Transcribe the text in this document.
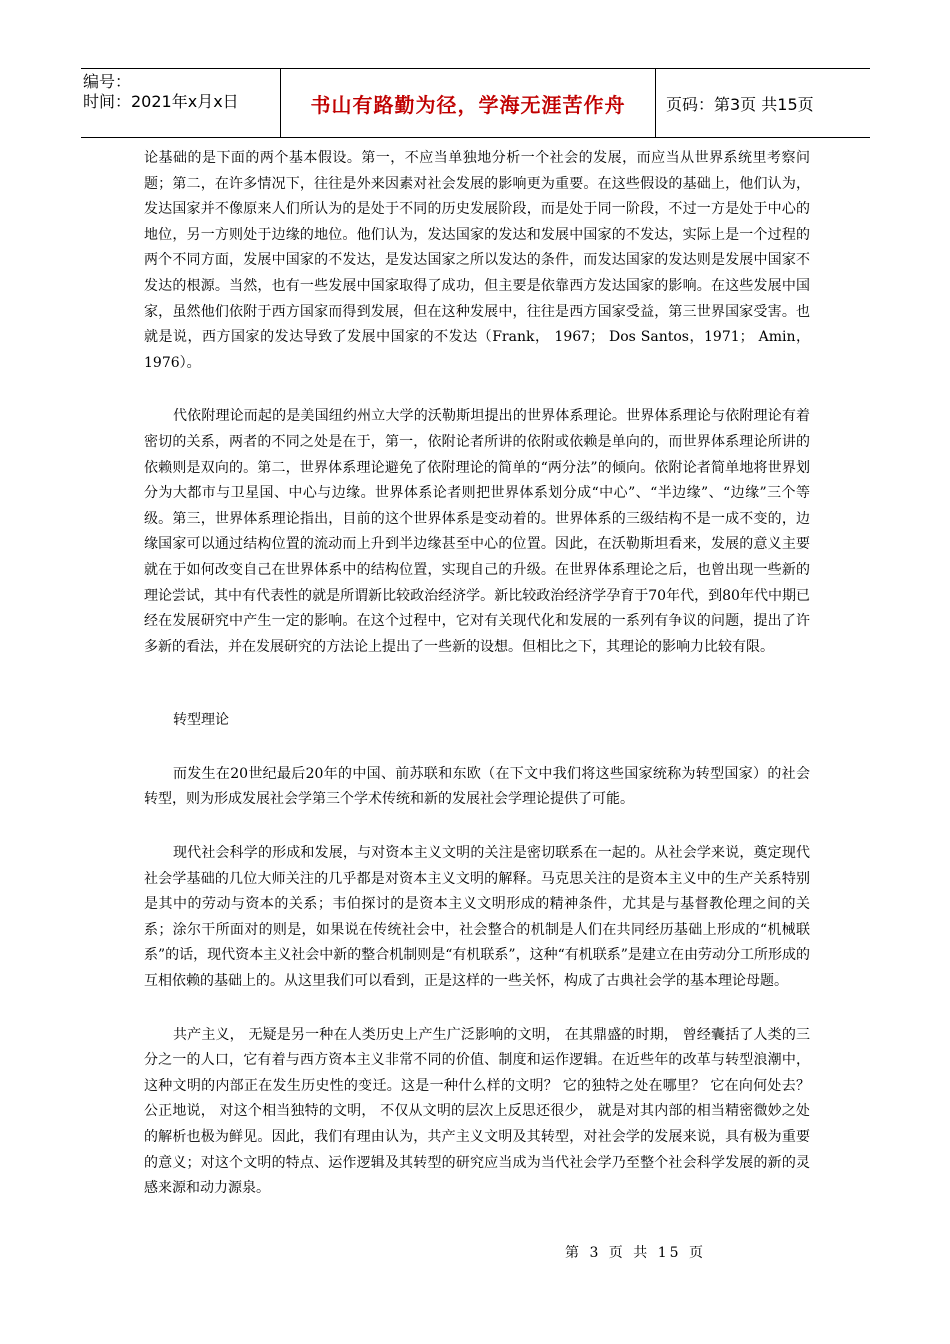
编号：
时间：2021年x月x日	书山有路勤为径，学海无涯苦作舟	页码：第3页 共15页

论基础的是下面的两个基本假设。第一，不应当单独地分析一个社会的发展，而应当从世界系统里考察问题；第二，在许多情况下，往往是外来因素对社会发展的影响更为重要。在这些假设的基础上，他们认为，发达国家并不像原来人们所认为的是处于不同的历史发展阶段，而是处于同一阶段，不过一方是处于中心的地位，另一方则处于边缘的地位。他们认为，发达国家的发达和发展中国家的不发达，实际上是一个过程的两个不同方面，发展中国家的不发达，是发达国家之所以发达的条件，而发达国家的发达则是发展中国家不发达的根源。当然，也有一些发展中国家取得了成功，但主要是依靠西方发达国家的影响。在这些发展中国家，虽然他们依附于西方国家而得到发展，但在这种发展中，往往是西方国家受益，第三世界国家受害。也就是说，西方国家的发达导致了发展中国家的不发达（Frank， 1967； Dos Santos，1971； Amin， 1976）。

代依附理论而起的是美国纽约州立大学的沃勒斯坦提出的世界体系理论。世界体系理论与依附理论有着密切的关系，两者的不同之处是在于，第一，依附论者所讲的依附或依赖是单向的，而世界体系理论所讲的依赖则是双向的。第二，世界体系理论避免了依附理论的简单的“两分法”的倾向。依附论者简单地将世界划分为大都市与卫星国、中心与边缘。世界体系论者则把世界体系划分成“中心”、“半边缘”、“边缘”三个等级。第三，世界体系理论指出，目前的这个世界体系是变动着的。世界体系的三级结构不是一成不变的，边缘国家可以通过结构位置的流动而上升到半边缘甚至中心的位置。因此，在沃勒斯坦看来，发展的意义主要就在于如何改变自己在世界体系中的结构位置，实现自己的升级。在世界体系理论之后，也曾出现一些新的理论尝试，其中有代表性的就是所谓新比较政治经济学。新比较政治经济学孕育于70年代，到80年代中期已经在发展研究中产生一定的影响。在这个过程中，它对有关现代化和发展的一系列有争议的问题，提出了许多新的看法，并在发展研究的方法论上提出了一些新的设想。但相比之下，其理论的影响力比较有限。

转型理论

而发生在20世纪最后20年的中国、前苏联和东欧（在下文中我们将这些国家统称为转型国家）的社会转型，则为形成发展社会学第三个学术传统和新的发展社会学理论提供了可能。

现代社会科学的形成和发展，与对资本主义文明的关注是密切联系在一起的。从社会学来说，奠定现代社会学基础的几位大师关注的几乎都是对资本主义文明的解释。马克思关注的是资本主义中的生产关系特别是其中的劳动与资本的关系；韦伯探讨的是资本主义文明形成的精神条件，尤其是与基督教伦理之间的关系；涂尔干所面对的则是，如果说在传统社会中，社会整合的机制是人们在共同经历基础上形成的“机械联系”的话，现代资本主义社会中新的整合机制则是“有机联系”，这种“有机联系”是建立在由劳动分工所形成的互相依赖的基础上的。从这里我们可以看到，正是这样的一些关怀，构成了古典社会学的基本理论母题。

共产主义， 无疑是另一种在人类历史上产生广泛影响的文明， 在其鼎盛的时期， 曾经囊括了人类的三分之一的人口，它有着与西方资本主义非常不同的价值、制度和运作逻辑。在近些年的改革与转型浪潮中， 这种文明的内部正在发生历史性的变迁。这是一种什么样的文明？ 它的独特之处在哪里？ 它在向何处去？ 公正地说， 对这个相当独特的文明， 不仅从文明的层次上反思还很少， 就是对其内部的相当精密微妙之处的解析也极为鲜见。因此，我们有理由认为，共产主义文明及其转型，对社会学的发展来说，具有极为重要的意义；对这个文明的特点、运作逻辑及其转型的研究应当成为当代社会学乃至整个社会科学发展的新的灵感来源和动力源泉。

第 3 页 共 15 页
